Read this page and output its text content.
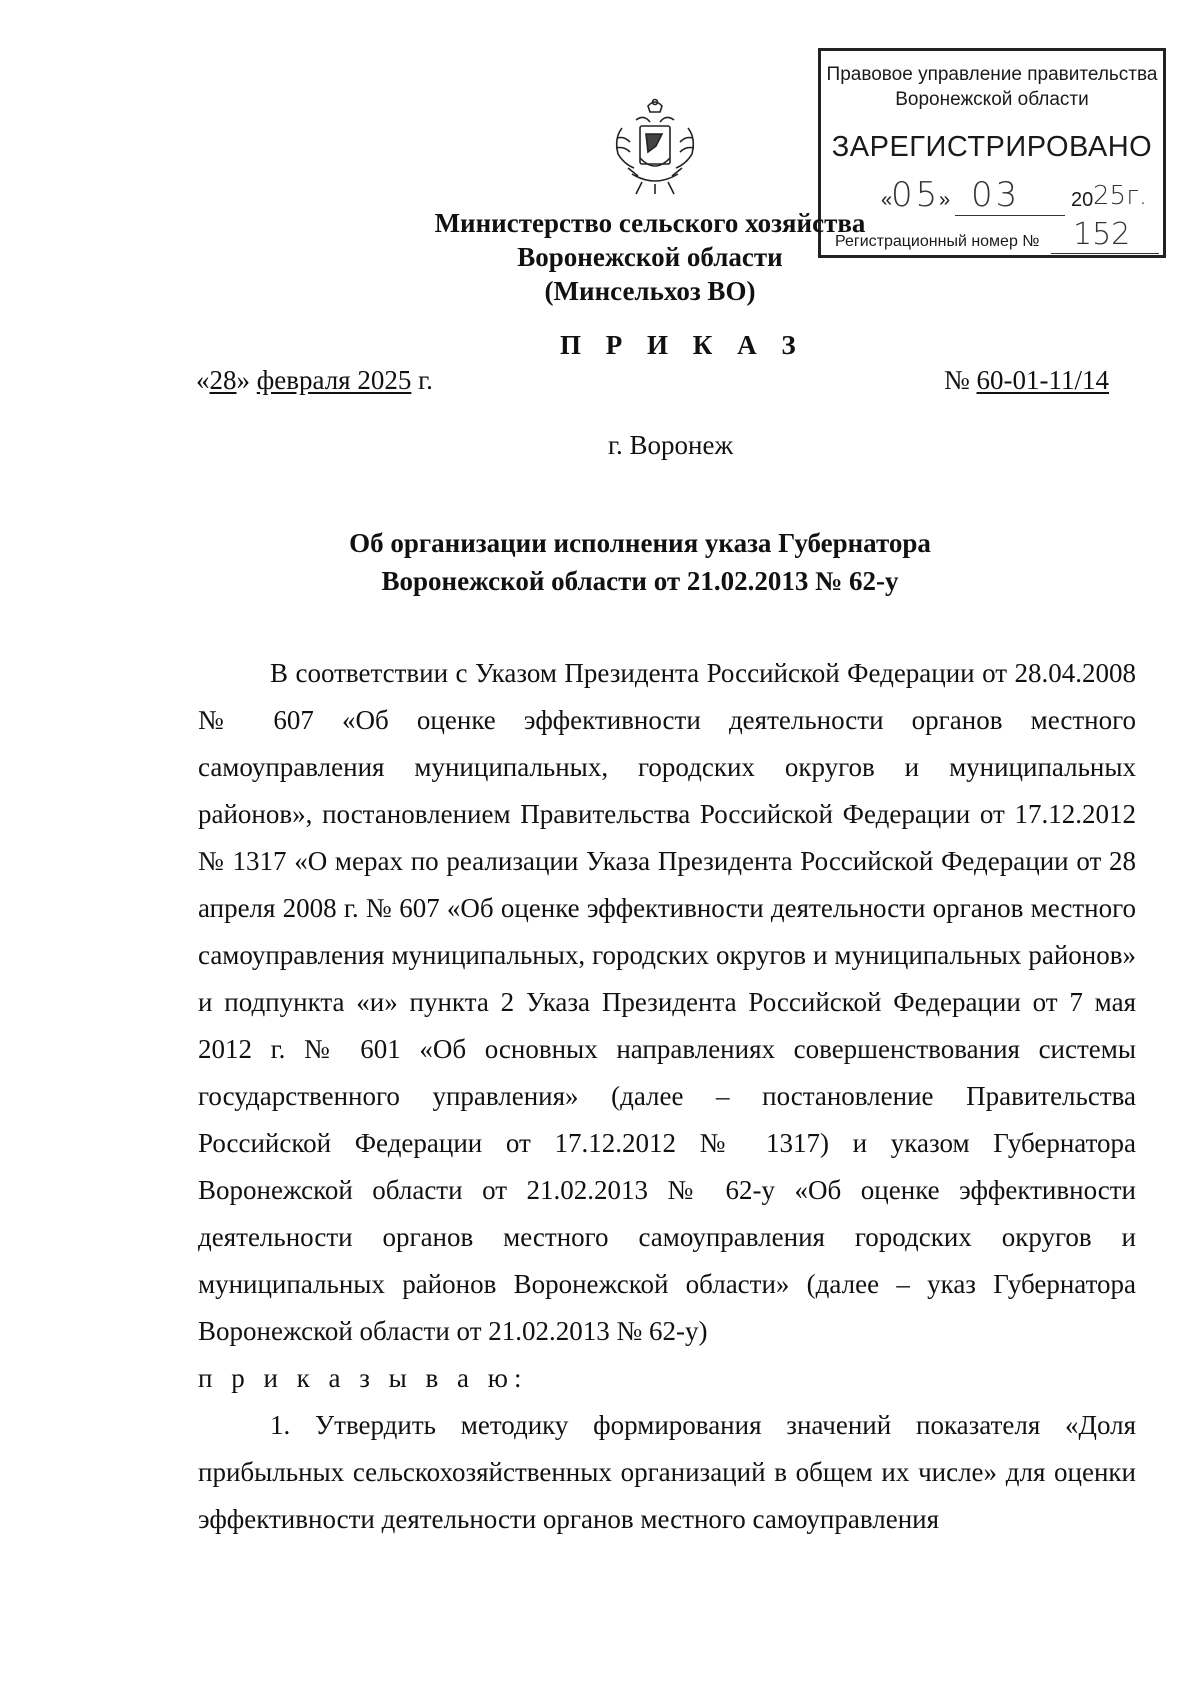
Правовое управление правительства
Воронежской области
ЗАРЕГИСТРИРОВАНО
«
05
» 03	20 25г.
Регистрационный номер № 152
Министерство сельского хозяйства
Воронежской области
(Минсельхоз ВО)
П Р И К А З
«28» февраля 2025 г.	№ 60-01-11/14
г. Воронеж
Об организации исполнения указа Губернатора
Воронежской области от 21.02.2013 № 62-у

В соответствии с Указом Президента Российской Федерации от 28.04.2008 № 607 «Об оценке эффективности деятельности органов местного самоуправления муниципальных, городских округов и муниципальных районов», постановлением Правительства Российской Федерации от 17.12.2012 № 1317 «О мерах по реализации Указа Президента Российской Федерации от 28 апреля 2008 г. № 607 «Об оценке эффективности деятельности органов местного самоуправления муниципальных, городских округов и муниципальных районов» и подпункта «и» пункта 2 Указа Президента Российской Федерации от 7 мая 2012 г. № 601 «Об основных направлениях совершенствования системы государственного управления» (далее – постановление Правительства Российской Федерации от 17.12.2012 № 1317) и указом Губернатора Воронежской области от 21.02.2013 № 62-у «Об оценке эффективности деятельности органов местного самоуправления городских округов и муниципальных районов Воронежской области» (далее – указ Губернатора Воронежской области от 21.02.2013 № 62-у)

п р и к а з ы в а ю:

1. Утвердить методику формирования значений показателя «Доля прибыльных сельскохозяйственных организаций в общем их числе» для оценки эффективности деятельности органов местного самоуправления
